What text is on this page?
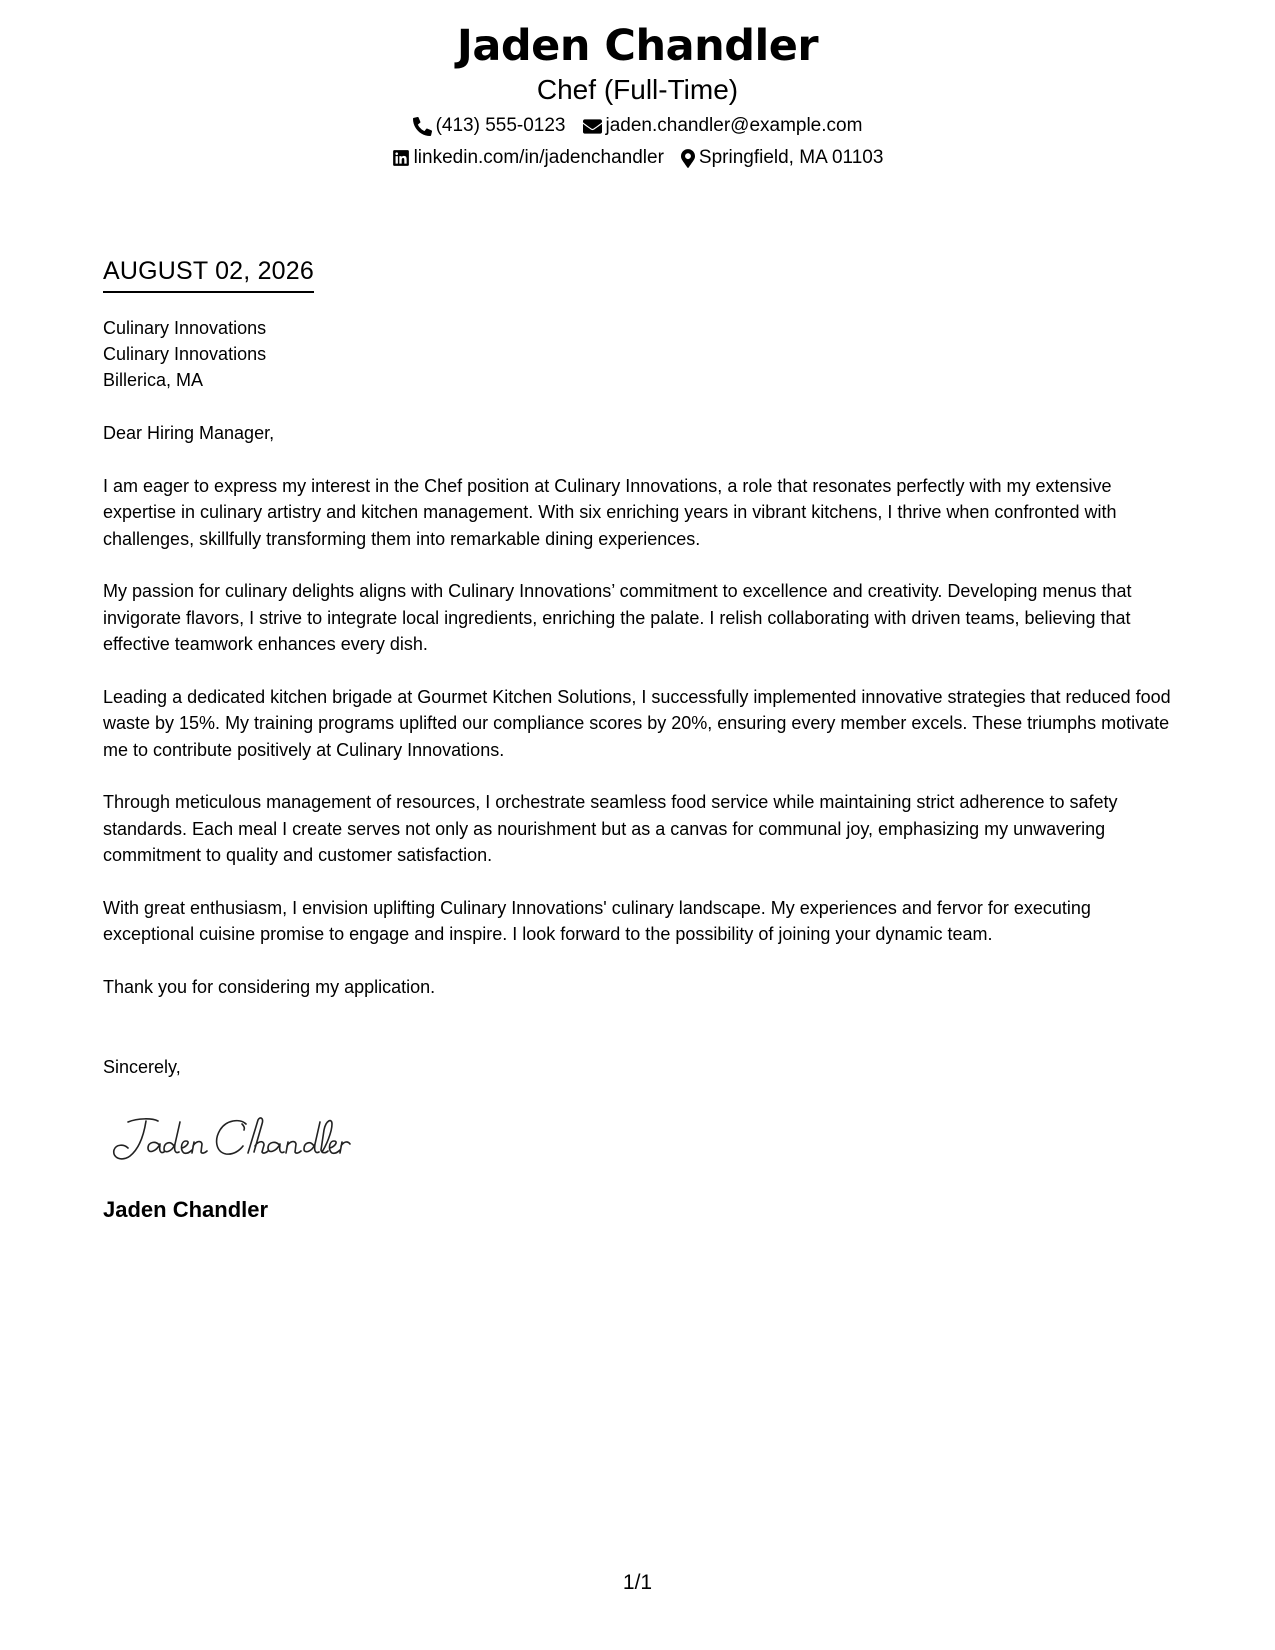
Jaden Chandler
Chef (Full-Time)
(413) 555-0123 jaden.chandler@example.com
linkedin.com/in/jadenchandler Springfield, MA 01103
AUGUST 02, 2026
Culinary Innovations
Culinary Innovations
Billerica, MA

Dear Hiring Manager,

I am eager to express my interest in the Chef position at Culinary Innovations, a role that resonates perfectly with my extensive expertise in culinary artistry and kitchen management. With six enriching years in vibrant kitchens, I thrive when confronted with challenges, skillfully transforming them into remarkable dining experiences.

My passion for culinary delights aligns with Culinary Innovations’ commitment to excellence and creativity. Developing menus that invigorate flavors, I strive to integrate local ingredients, enriching the palate. I relish collaborating with driven teams, believing that effective teamwork enhances every dish.

Leading a dedicated kitchen brigade at Gourmet Kitchen Solutions, I successfully implemented innovative strategies that reduced food waste by 15%. My training programs uplifted our compliance scores by 20%, ensuring every member excels. These triumphs motivate me to contribute positively at Culinary Innovations.

Through meticulous management of resources, I orchestrate seamless food service while maintaining strict adherence to safety standards. Each meal I create serves not only as nourishment but as a canvas for communal joy, emphasizing my unwavering commitment to quality and customer satisfaction.

With great enthusiasm, I envision uplifting Culinary Innovations' culinary landscape. My experiences and fervor for executing exceptional cuisine promise to engage and inspire. I look forward to the possibility of joining your dynamic team.

Thank you for considering my application.

Sincerely,
Jaden Chandler
1/1
